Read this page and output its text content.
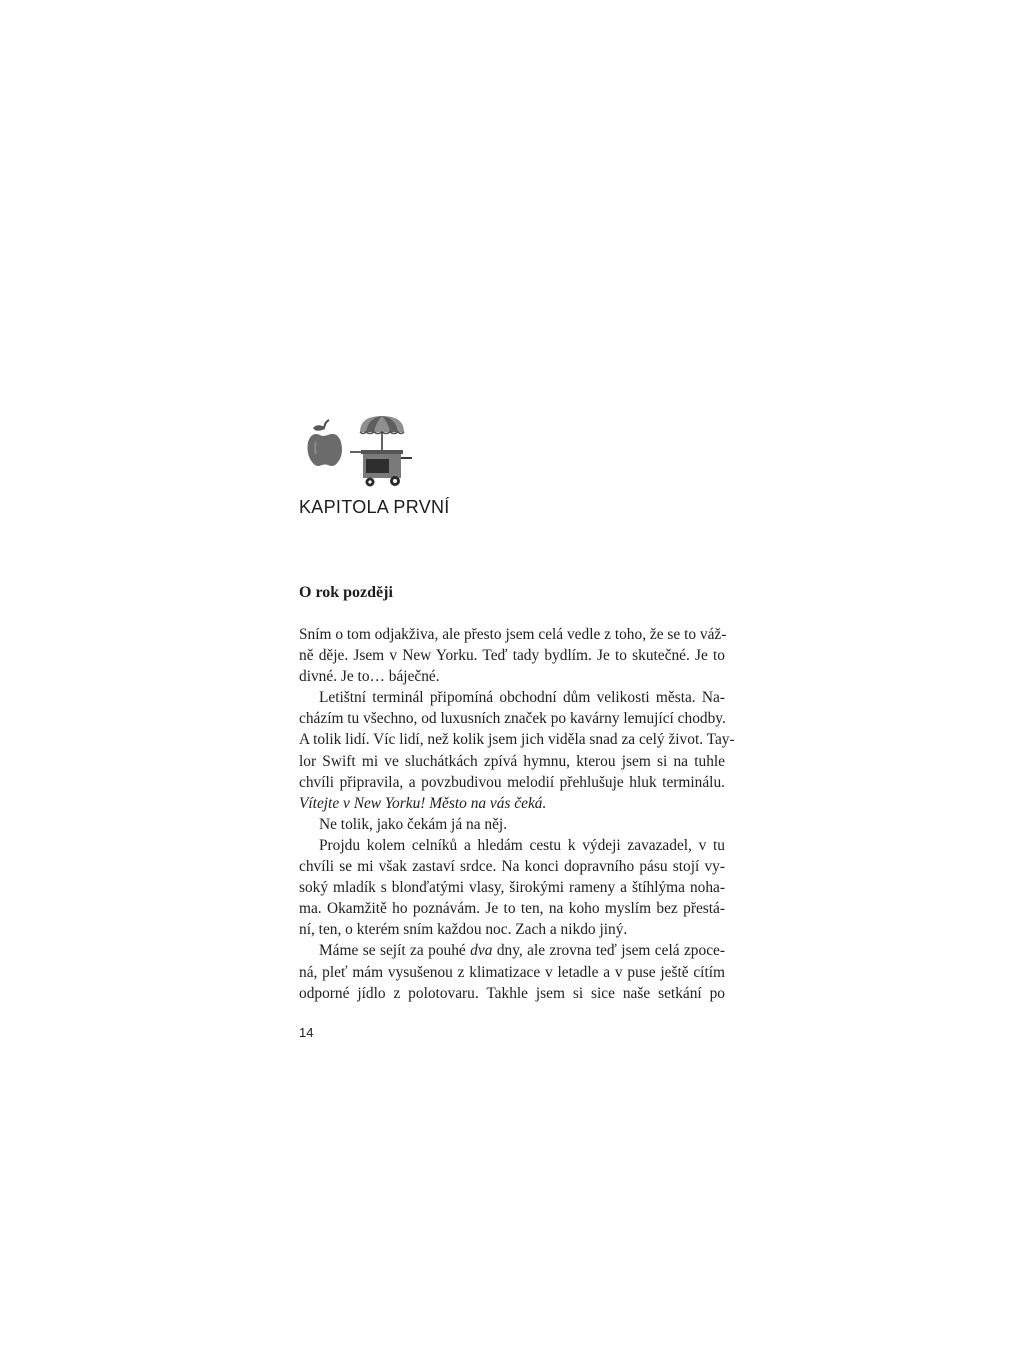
KAPITOLA PRVNÍ
O rok později
Sním o tom odjakživa, ale přesto jsem celá vedle z toho, že se to váž-
ně děje. Jsem v New Yorku. Teď tady bydlím. Je to skutečné. Je to
divné. Je to… báječné.
Letištní terminál připomíná obchodní dům velikosti města. Na-
cházím tu všechno, od luxusních značek po kavárny lemující chodby.
A tolik lidí. Víc lidí, než kolik jsem jich viděla snad za celý život. Tay-
lor Swift mi ve sluchátkách zpívá hymnu, kterou jsem si na tuhle
chvíli připravila, a povzbudivou melodií přehlušuje hluk terminálu.
Vítejte v New Yorku! Město na vás čeká.
Ne tolik, jako čekám já na něj.
Projdu kolem celníků a hledám cestu k výdeji zavazadel, v tu
chvíli se mi však zastaví srdce. Na konci dopravního pásu stojí vy-
soký mladík s blonďatými vlasy, širokými rameny a štíhlýma noha-
ma. Okamžitě ho poznávám. Je to ten, na koho myslím bez přestá-
ní, ten, o kterém sním každou noc. Zach a nikdo jiný.
Máme se sejít za pouhé dva dny, ale zrovna teď jsem celá zpoce-
ná, pleť mám vysušenou z klimatizace v letadle a v puse ještě cítím
odporné jídlo z polotovaru. Takhle jsem si sice naše setkání po
14
